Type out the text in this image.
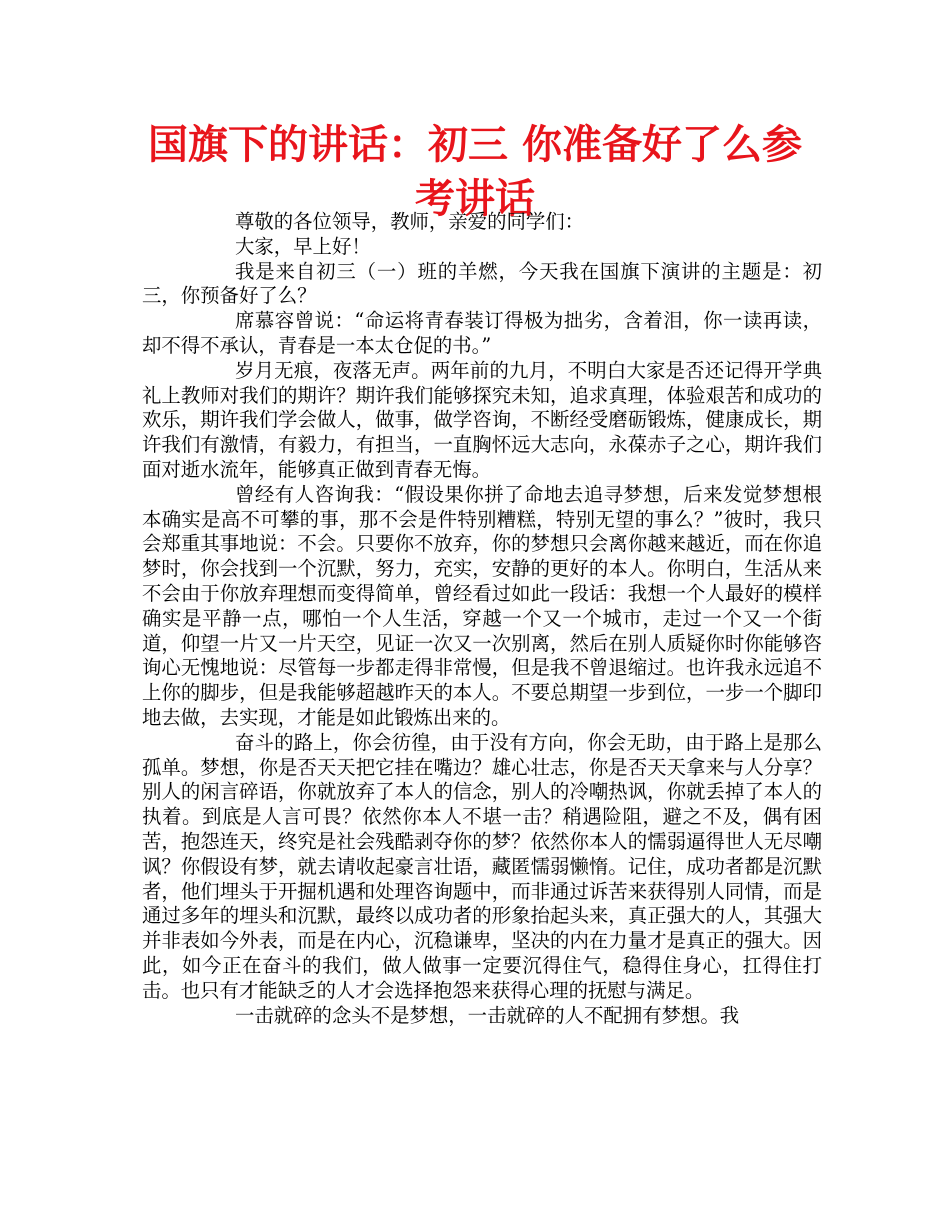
国旗下的讲话：初三 你准备好了么参考讲话

尊敬的各位领导，教师，亲爱的同学们：

大家，早上好！

我是来自初三（一）班的羊燃，今天我在国旗下演讲的主题是：初三，你预备好了么？

席慕容曾说：“命运将青春装订得极为拙劣，含着泪，你一读再读，却不得不承认，青春是一本太仓促的书。”

岁月无痕，夜落无声。两年前的九月，不明白大家是否还记得开学典礼上教师对我们的期许？期许我们能够探究未知，追求真理，体验艰苦和成功的欢乐，期许我们学会做人，做事，做学咨询，不断经受磨砺锻炼，健康成长，期许我们有激情，有毅力，有担当，一直胸怀远大志向，永葆赤子之心，期许我们面对逝水流年，能够真正做到青春无悔。

曾经有人咨询我：“假设果你拼了命地去追寻梦想，后来发觉梦想根本确实是高不可攀的事，那不会是件特别糟糕，特别无望的事么？”彼时，我只会郑重其事地说：不会。只要你不放弃，你的梦想只会离你越来越近，而在你追梦时，你会找到一个沉默，努力，充实，安静的更好的本人。你明白，生活从来不会由于你放弃理想而变得简单，曾经看过如此一段话：我想一个人最好的模样确实是平静一点，哪怕一个人生活，穿越一个又一个城市，走过一个又一个街道，仰望一片又一片天空，见证一次又一次别离，然后在别人质疑你时你能够咨询心无愧地说：尽管每一步都走得非常慢，但是我不曾退缩过。也许我永远追不上你的脚步，但是我能够超越昨天的本人。不要总期望一步到位，一步一个脚印地去做，去实现，才能是如此锻炼出来的。

奋斗的路上，你会彷徨，由于没有方向，你会无助，由于路上是那么孤单。梦想，你是否天天把它挂在嘴边？雄心壮志，你是否天天拿来与人分享？别人的闲言碎语，你就放弃了本人的信念，别人的冷嘲热讽，你就丢掉了本人的执着。到底是人言可畏？依然你本人不堪一击？稍遇险阻，避之不及，偶有困苦，抱怨连天，终究是社会残酷剥夺你的梦？依然你本人的懦弱逼得世人无尽嘲讽？你假设有梦，就去请收起豪言壮语，藏匿懦弱懒惰。记住，成功者都是沉默者，他们埋头于开掘机遇和处理咨询题中，而非通过诉苦来获得别人同情，而是通过多年的埋头和沉默，最终以成功者的形象抬起头来，真正强大的人，其强大并非表如今外表，而是在内心，沉稳谦卑，坚决的内在力量才是真正的强大。因此，如今正在奋斗的我们，做人做事一定要沉得住气，稳得住身心，扛得住打击。也只有才能缺乏的人才会选择抱怨来获得心理的抚慰与满足。

一击就碎的念头不是梦想，一击就碎的人不配拥有梦想。我
